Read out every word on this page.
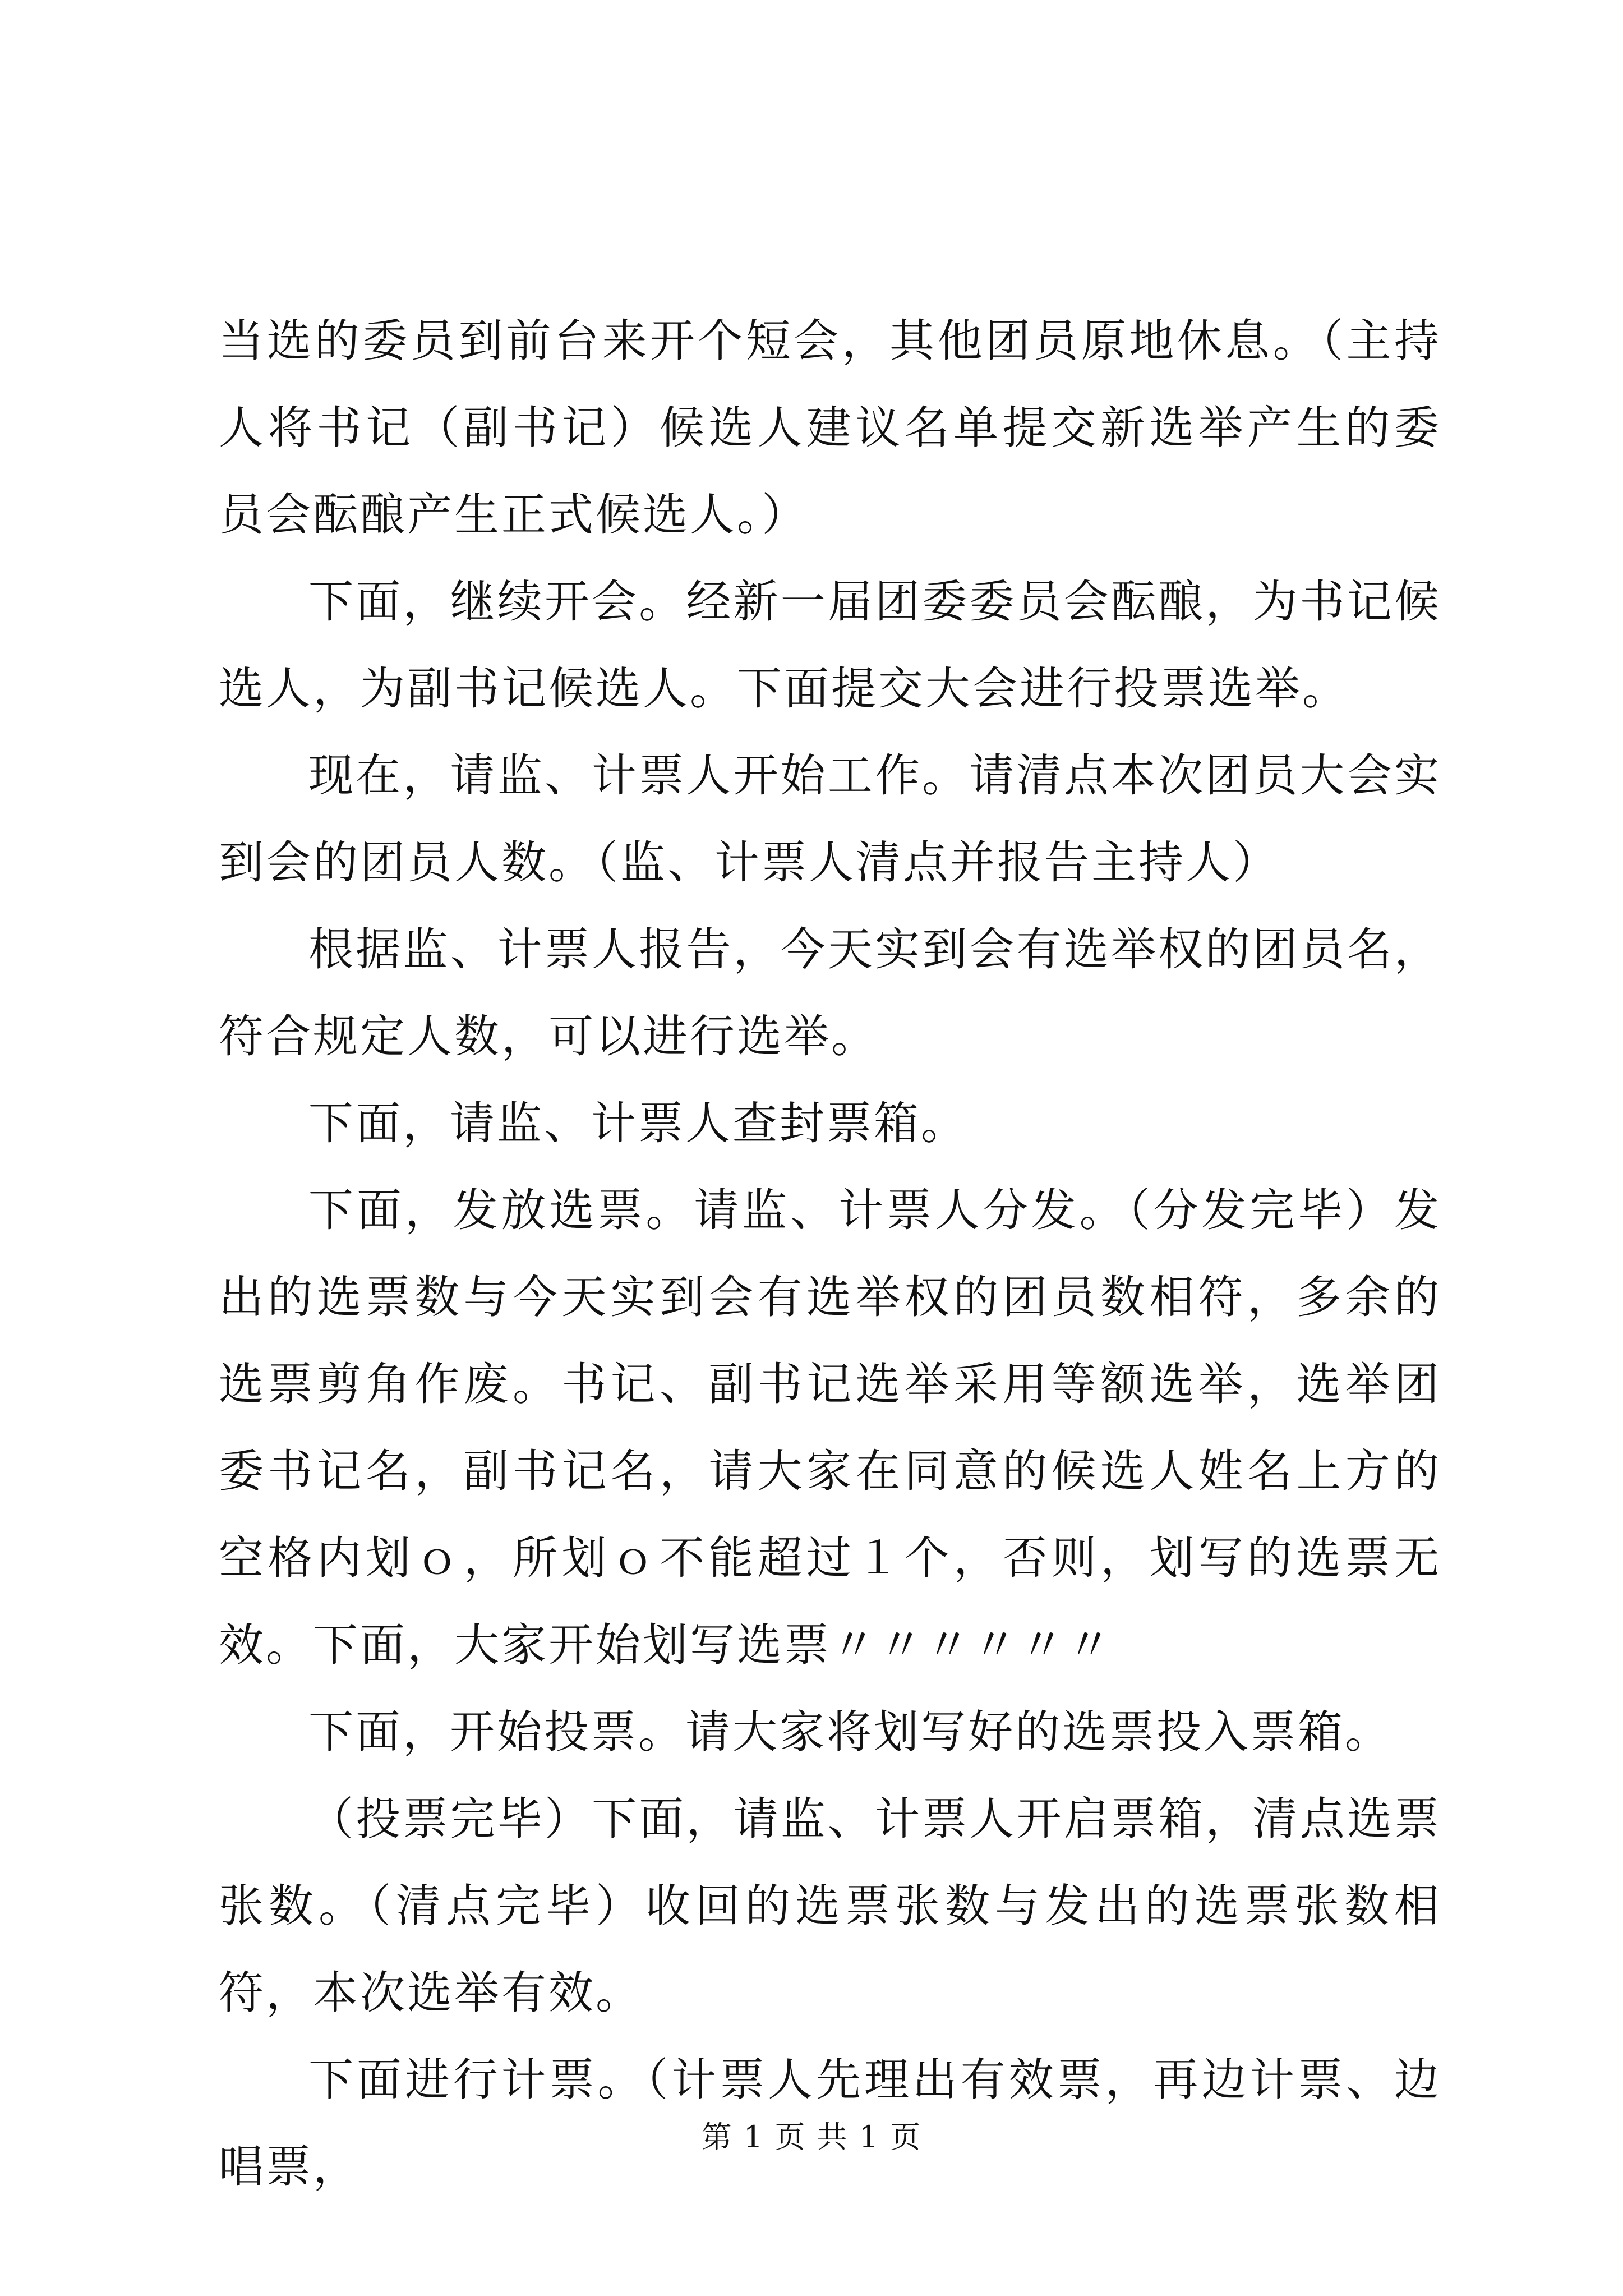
当选的委员到前台来开个短会，其他团员原地休息。（主持人将书记（副书记）候选人建议名单提交新选举产生的委员会酝酿产生正式候选人。）

下面，继续开会。经新一届团委委员会酝酿，为书记候选人，为副书记候选人。下面提交大会进行投票选举。

现在，请监、计票人开始工作。请清点本次团员大会实到会的团员人数。（监、计票人清点并报告主持人）

根据监、计票人报告，今天实到会有选举权的团员名，符合规定人数，可以进行选举。

下面，请监、计票人查封票箱。

下面，发放选票。请监、计票人分发。（分发完毕）发出的选票数与今天实到会有选举权的团员数相符，多余的选票剪角作废。书记、副书记选举采用等额选举，选举团委书记名，副书记名，请大家在同意的候选人姓名上方的空格内划ｏ，所划ｏ不能超过１个，否则，划写的选票无效。下面，大家开始划写选票〃〃〃〃〃〃

下面，开始投票。请大家将划写好的选票投入票箱。

（投票完毕）下面，请监、计票人开启票箱，清点选票张数。（清点完毕）收回的选票张数与发出的选票张数相符，本次选举有效。

下面进行计票。（计票人先理出有效票，再边计票、边唱票，

第 1 页 共 1 页
